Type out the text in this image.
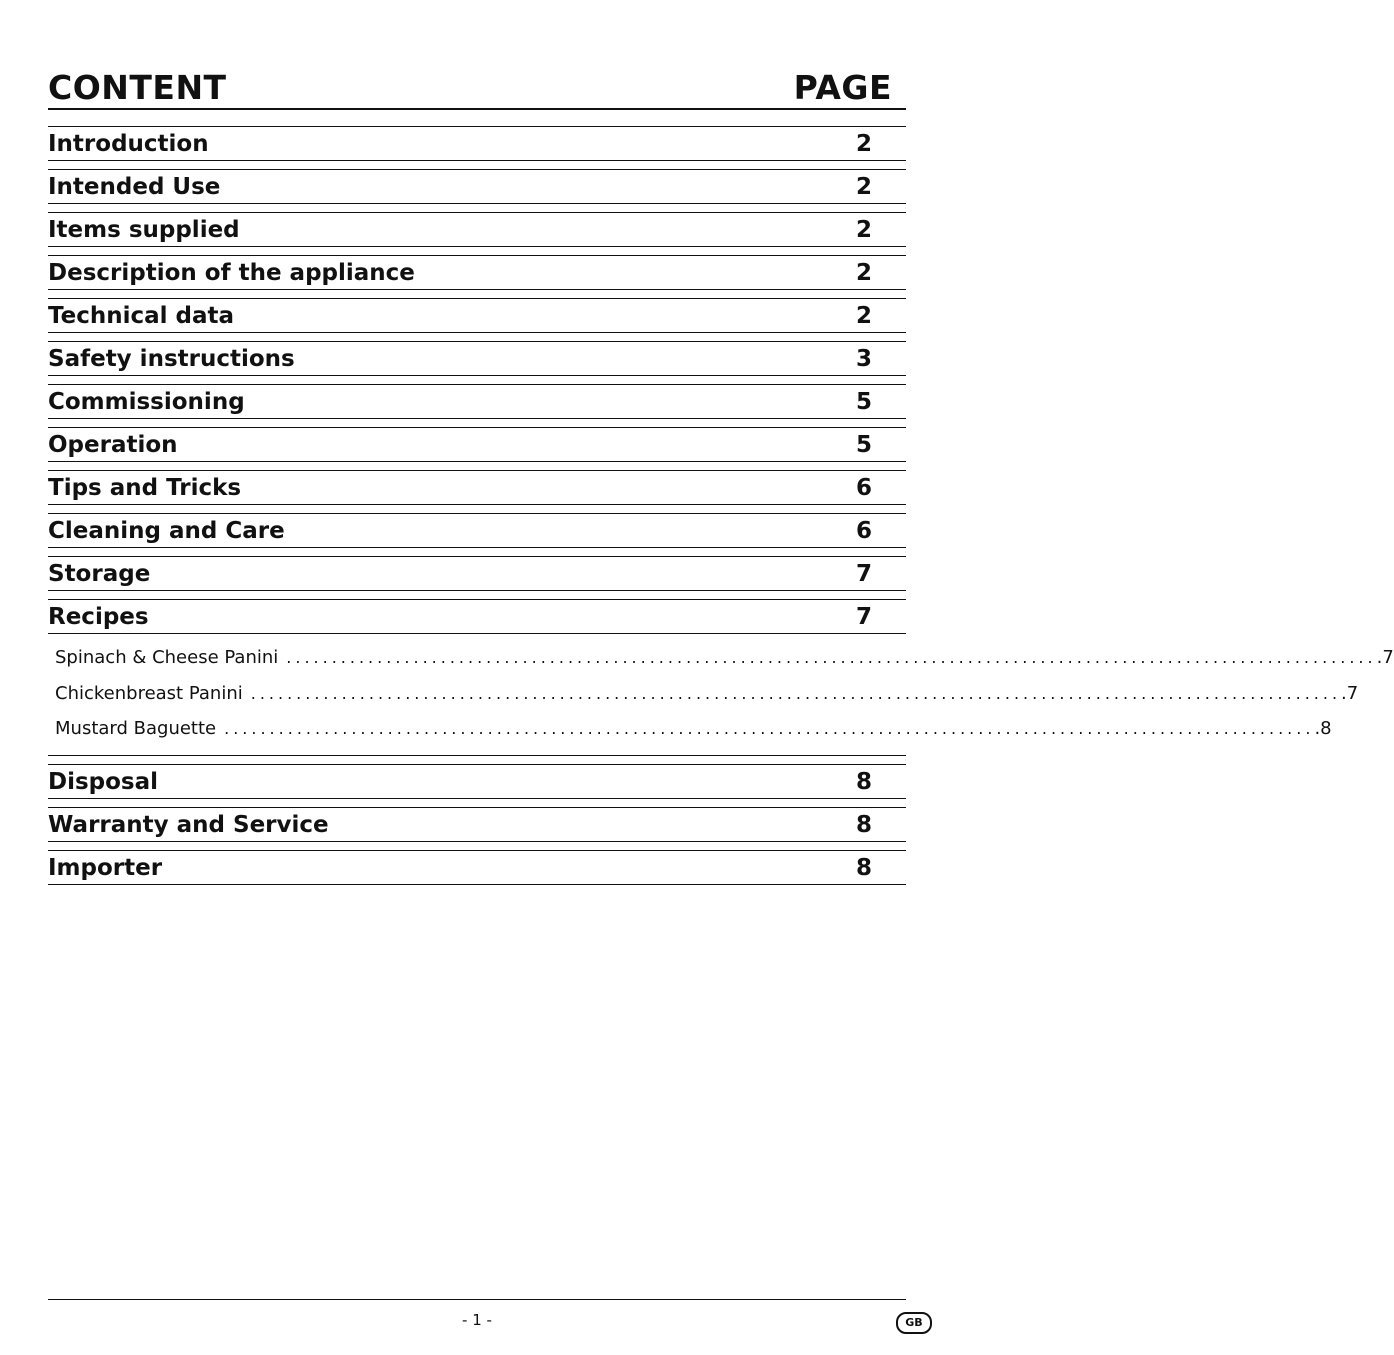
CONTENT	PAGE
Introduction	2
Intended Use	2
Items supplied	2
Description of the appliance	2
Technical data	2
Safety instructions	3
Commissioning	5
Operation	5
Tips and Tricks	6
Cleaning and Care	6
Storage	7
Recipes	7
Spinach & Cheese Panini ........................................................................................................................ .7
Chickenbreast Panini ........................................................................................................................ .7
Mustard Baguette ........................................................................................................................ .8
Disposal	8
Warranty and Service	8
Importer	8
- 1 -	GB
